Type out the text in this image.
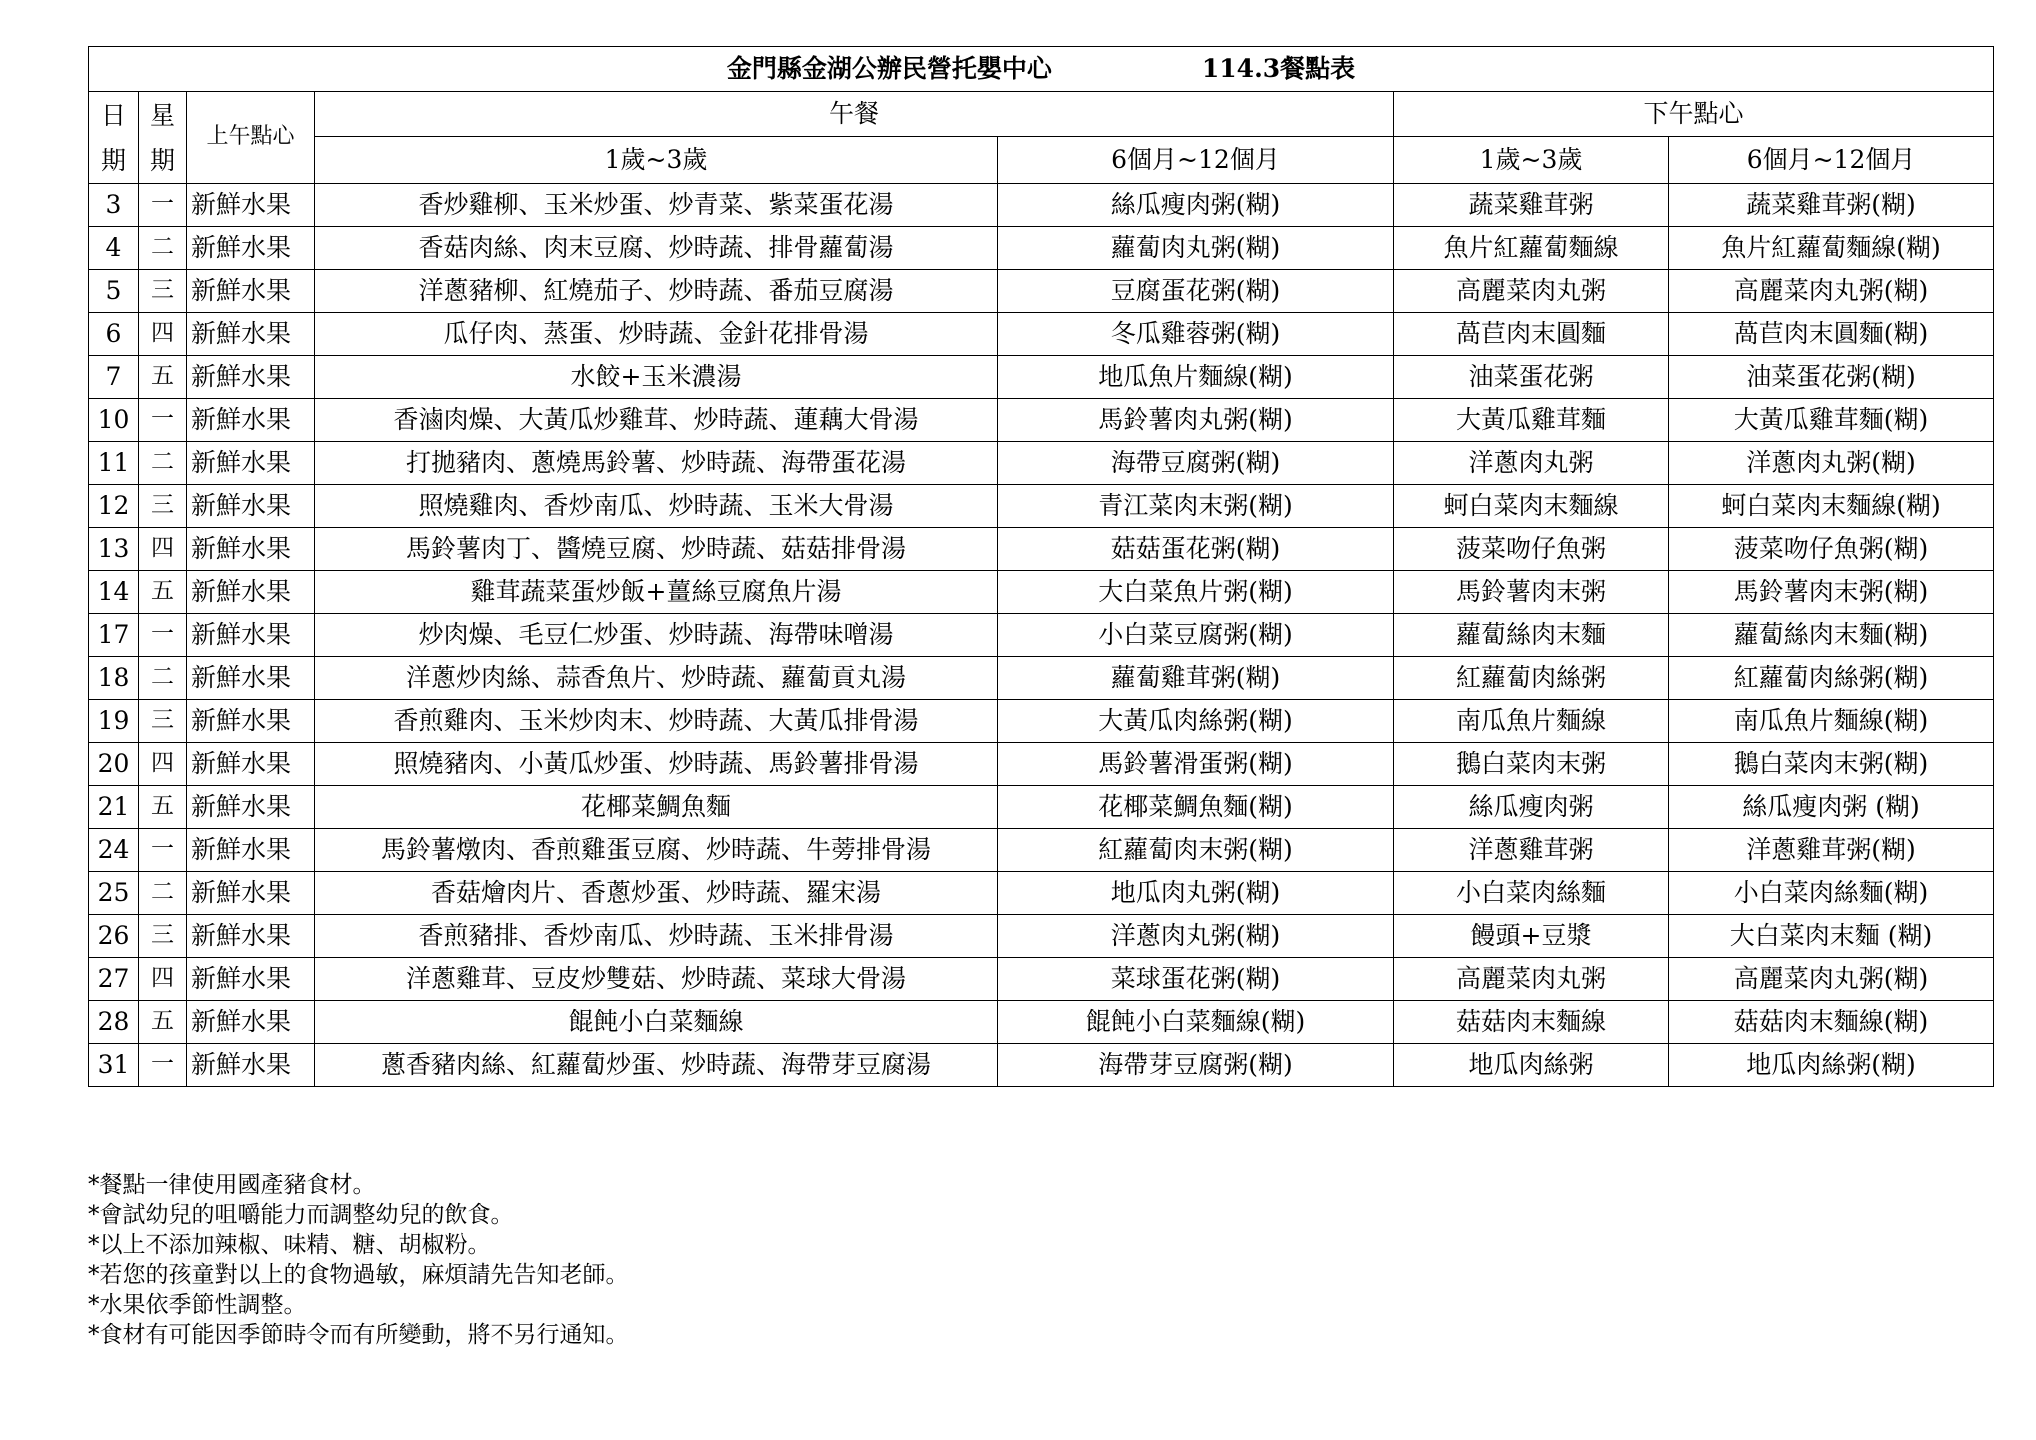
金門縣金湖公辦民營托嬰中心 114.3餐點表						
日期	星期	上午點心	午餐		下午點心	
			1歲~3歲	6個月~12個月	1歲~3歲	6個月~12個月
3	一	新鮮水果	香炒雞柳、玉米炒蛋、炒青菜、紫菜蛋花湯	絲瓜瘦肉粥(糊)	蔬菜雞茸粥	蔬菜雞茸粥(糊)
4	二	新鮮水果	香菇肉絲、肉末豆腐、炒時蔬、排骨蘿蔔湯	蘿蔔肉丸粥(糊)	魚片紅蘿蔔麵線	魚片紅蘿蔔麵線(糊)
5	三	新鮮水果	洋蔥豬柳、紅燒茄子、炒時蔬、番茄豆腐湯	豆腐蛋花粥(糊)	高麗菜肉丸粥	高麗菜肉丸粥(糊)
6	四	新鮮水果	瓜仔肉、蒸蛋、炒時蔬、金針花排骨湯	冬瓜雞蓉粥(糊)	萵苣肉末圓麵	萵苣肉末圓麵(糊)
7	五	新鮮水果	水餃+玉米濃湯	地瓜魚片麵線(糊)	油菜蛋花粥	油菜蛋花粥(糊)
10	一	新鮮水果	香滷肉燥、大黃瓜炒雞茸、炒時蔬、蓮藕大骨湯	馬鈴薯肉丸粥(糊)	大黃瓜雞茸麵	大黃瓜雞茸麵(糊)
11	二	新鮮水果	打拋豬肉、蔥燒馬鈴薯、炒時蔬、海帶蛋花湯	海帶豆腐粥(糊)	洋蔥肉丸粥	洋蔥肉丸粥(糊)
12	三	新鮮水果	照燒雞肉、香炒南瓜、炒時蔬、玉米大骨湯	青江菜肉末粥(糊)	蚵白菜肉末麵線	蚵白菜肉末麵線(糊)
13	四	新鮮水果	馬鈴薯肉丁、醬燒豆腐、炒時蔬、菇菇排骨湯	菇菇蛋花粥(糊)	菠菜吻仔魚粥	菠菜吻仔魚粥(糊)
14	五	新鮮水果	雞茸蔬菜蛋炒飯+薑絲豆腐魚片湯	大白菜魚片粥(糊)	馬鈴薯肉末粥	馬鈴薯肉末粥(糊)
17	一	新鮮水果	炒肉燥、毛豆仁炒蛋、炒時蔬、海帶味噌湯	小白菜豆腐粥(糊)	蘿蔔絲肉末麵	蘿蔔絲肉末麵(糊)
18	二	新鮮水果	洋蔥炒肉絲、蒜香魚片、炒時蔬、蘿蔔貢丸湯	蘿蔔雞茸粥(糊)	紅蘿蔔肉絲粥	紅蘿蔔肉絲粥(糊)
19	三	新鮮水果	香煎雞肉、玉米炒肉末、炒時蔬、大黃瓜排骨湯	大黃瓜肉絲粥(糊)	南瓜魚片麵線	南瓜魚片麵線(糊)
20	四	新鮮水果	照燒豬肉、小黃瓜炒蛋、炒時蔬、馬鈴薯排骨湯	馬鈴薯滑蛋粥(糊)	鵝白菜肉末粥	鵝白菜肉末粥(糊)
21	五	新鮮水果	花椰菜鯛魚麵	花椰菜鯛魚麵(糊)	絲瓜瘦肉粥	絲瓜瘦肉粥 (糊)
24	一	新鮮水果	馬鈴薯燉肉、香煎雞蛋豆腐、炒時蔬、牛蒡排骨湯	紅蘿蔔肉末粥(糊)	洋蔥雞茸粥	洋蔥雞茸粥(糊)
25	二	新鮮水果	香菇燴肉片、香蔥炒蛋、炒時蔬、羅宋湯	地瓜肉丸粥(糊)	小白菜肉絲麵	小白菜肉絲麵(糊)
26	三	新鮮水果	香煎豬排、香炒南瓜、炒時蔬、玉米排骨湯	洋蔥肉丸粥(糊)	饅頭+豆漿	大白菜肉末麵 (糊)
27	四	新鮮水果	洋蔥雞茸、豆皮炒雙菇、炒時蔬、菜球大骨湯	菜球蛋花粥(糊)	高麗菜肉丸粥	高麗菜肉丸粥(糊)
28	五	新鮮水果	餛飩小白菜麵線	餛飩小白菜麵線(糊)	菇菇肉末麵線	菇菇肉末麵線(糊)
31	一	新鮮水果	蔥香豬肉絲、紅蘿蔔炒蛋、炒時蔬、海帶芽豆腐湯	海帶芽豆腐粥(糊)	地瓜肉絲粥	地瓜肉絲粥(糊)
*餐點一律使用國產豬食材。
*會試幼兒的咀嚼能力而調整幼兒的飲食。
*以上不添加辣椒、味精、糖、胡椒粉。
*若您的孩童對以上的食物過敏，麻煩請先告知老師。
*水果依季節性調整。
*食材有可能因季節時令而有所變動，將不另行通知。
